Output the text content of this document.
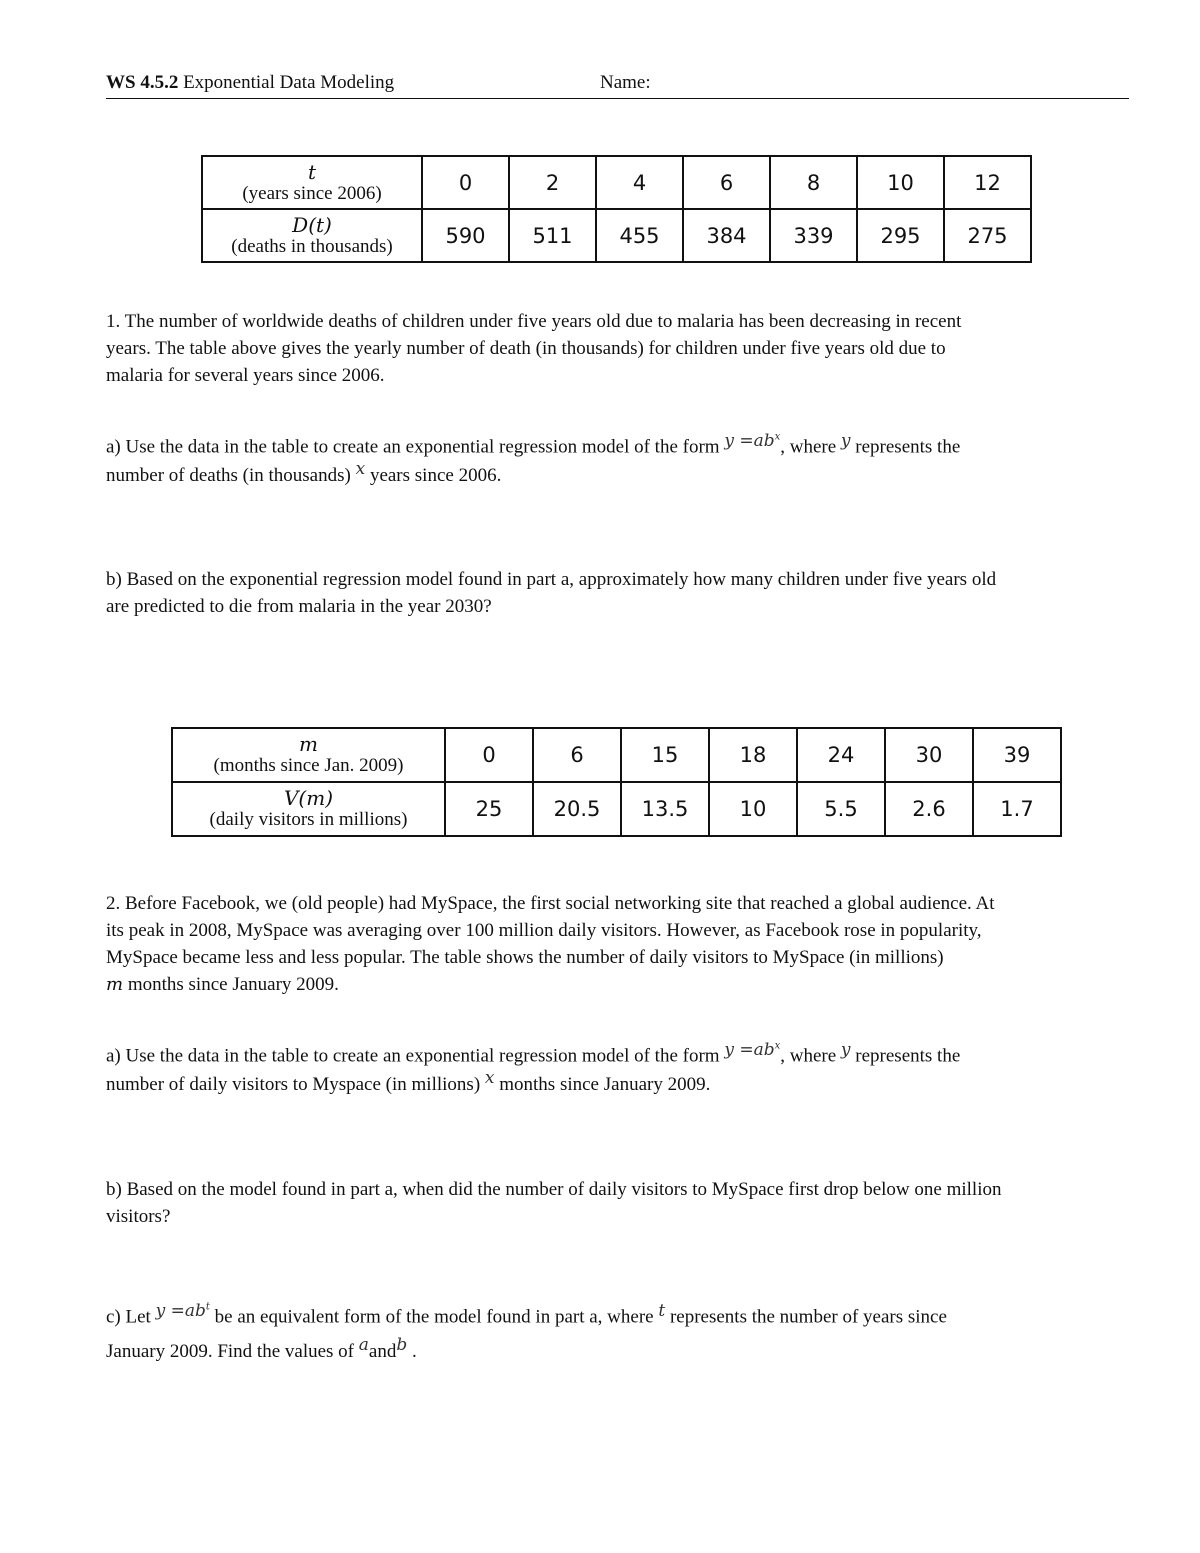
WS 4.5.2 Exponential Data Modeling	Name:
t
(years since 2006)	0	2	4	6	8	10	12

D(t)
(deaths in thousands)	590	511	455	384	339	295	275
1. The number of worldwide deaths of children under five years old due to malaria has been decreasing in recent
years. The table above gives the yearly number of death (in thousands) for children under five years old due to
malaria for several years since 2006.
a) Use the data in the table to create an exponential regression model of the form $y =ab^x$, where y represents the
number of deaths (in thousands) x years since 2006.
b) Based on the exponential regression model found in part a, approximately how many children under five years old
are predicted to die from malaria in the year 2030?
m
(months since Jan. 2009)	0	6	15	18	24	30	39

V(m)
(daily visitors in millions)	25	20.5	13.5	10	5.5	2.6	1.7
2. Before Facebook, we (old people) had MySpace, the first social networking site that reached a global audience. At
its peak in 2008, MySpace was averaging over 100 million daily visitors. However, as Facebook rose in popularity,
MySpace became less and less popular. The table shows the number of daily visitors to MySpace (in millions)
m months since January 2009.
a) Use the data in the table to create an exponential regression model of the form $y =ab^x$, where y represents the
number of daily visitors to Myspace (in millions) x months since January 2009.
b) Based on the model found in part a, when did the number of daily visitors to MySpace first drop below one million
visitors?
c) Let $y =ab^t$ be an equivalent form of the model found in part a, where t represents the number of years since
January 2009. Find the values of aandb .
